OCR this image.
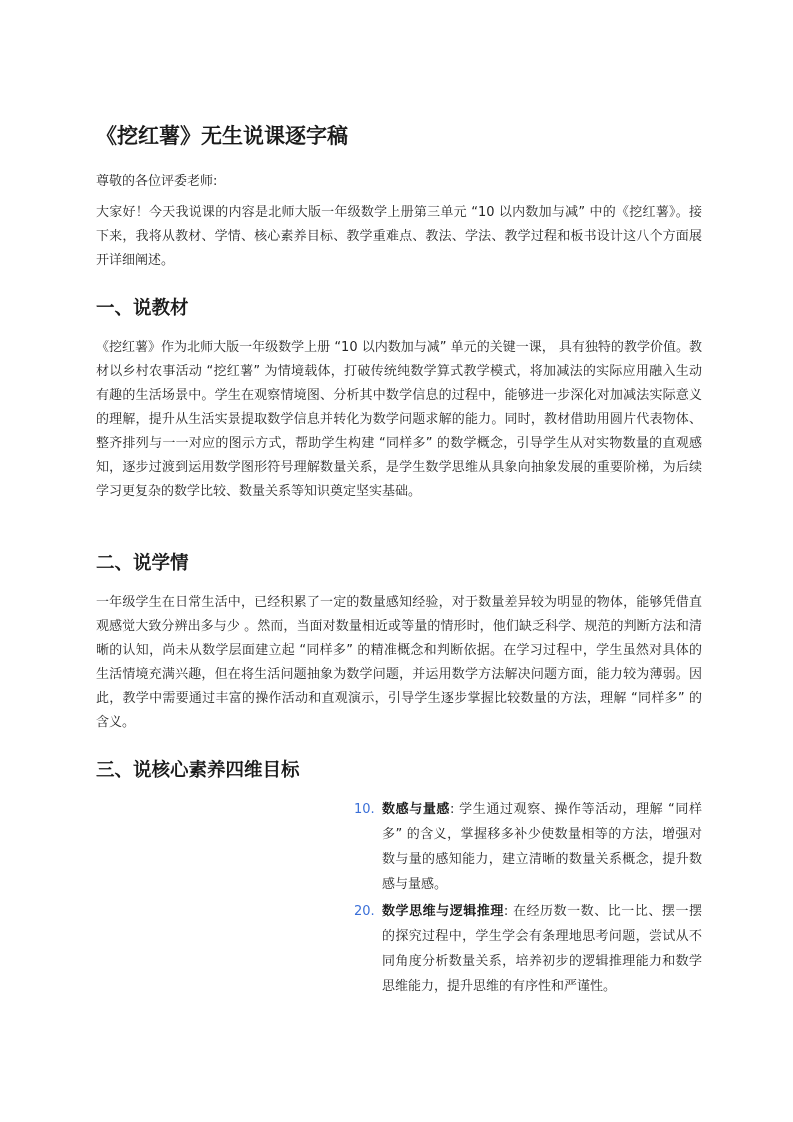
《挖红薯》无生说课逐字稿

尊敬的各位评委老师:

大家好！今天我说课的内容是北师大版一年级数学上册第三单元 “10 以内数加与减” 中的《挖红薯》。接下来，我将从教材、学情、核心素养目标、教学重难点、教法、学法、教学过程和板书设计这八个方面展开详细阐述。

一、说教材

《挖红薯》作为北师大版一年级数学上册 “10 以内数加与减” 单元的关键一课， 具有独特的教学价值。教材以乡村农事活动 “挖红薯” 为情境载体，打破传统纯数学算式教学模式，将加减法的实际应用融入生动有趣的生活场景中。学生在观察情境图、分析其中数学信息的过程中，能够进一步深化对加减法实际意义的理解，提升从生活实景提取数学信息并转化为数学问题求解的能力。同时，教材借助用圆片代表物体、整齐排列与一一对应的图示方式，帮助学生构建 “同样多” 的数学概念，引导学生从对实物数量的直观感知，逐步过渡到运用数学图形符号理解数量关系，是学生数学思维从具象向抽象发展的重要阶梯，为后续学习更复杂的数学比较、数量关系等知识奠定坚实基础。

二、说学情

一年级学生在日常生活中，已经积累了一定的数量感知经验，对于数量差异较为明显的物体，能够凭借直观感觉大致分辨出多与少 。然而，当面对数量相近或等量的情形时，他们缺乏科学、规范的判断方法和清晰的认知，尚未从数学层面建立起 “同样多” 的精准概念和判断依据。在学习过程中，学生虽然对具体的生活情境充满兴趣，但在将生活问题抽象为数学问题，并运用数学方法解决问题方面，能力较为薄弱。因此，教学中需要通过丰富的操作活动和直观演示，引导学生逐步掌握比较数量的方法，理解 “同样多” 的含义。

三、说核心素养四维目标
10. 数感与量感: 学生通过观察、操作等活动，理解 “同样多” 的含义，掌握移多补少使数量相等的方法，增强对数与量的感知能力，建立清晰的数量关系概念，提升数感与量感。
20. 数学思维与逻辑推理: 在经历数一数、比一比、摆一摆的探究过程中，学生学会有条理地思考问题，尝试从不同角度分析数量关系，培养初步的逻辑推理能力和数学思维能力，提升思维的有序性和严谨性。
